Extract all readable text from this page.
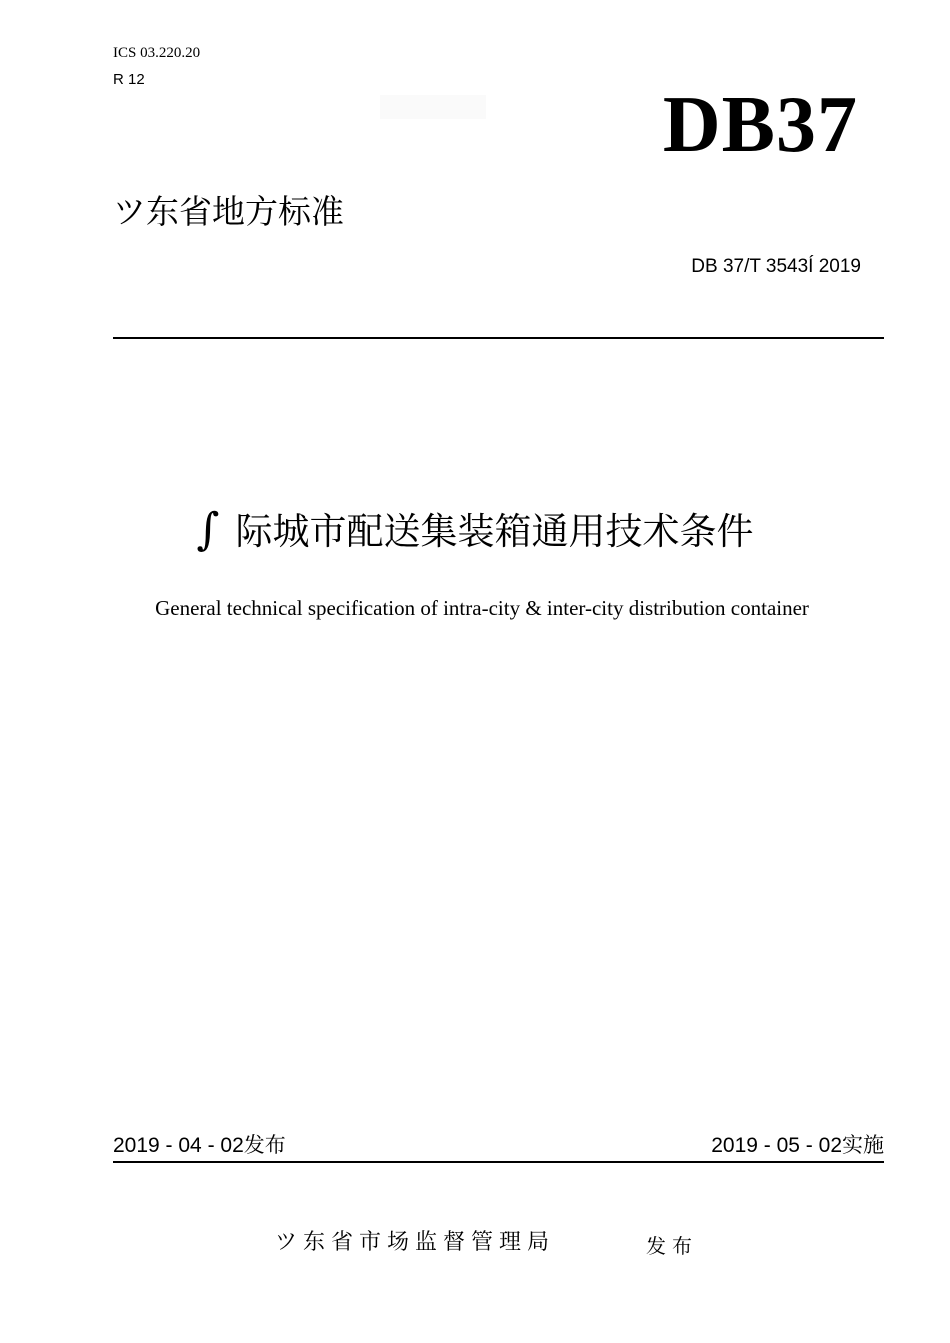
ICS 03.220.20
R 12
DB37
ツ东省地方标准
DB 37/T 3543Í 2019
∫ 际城市配送集装箱通用技术条件
General technical specification of intra-city & inter-city distribution container
2019 - 04 - 02发布	2019 - 05 - 02实施
ツ东省市场监督管理局	发布
